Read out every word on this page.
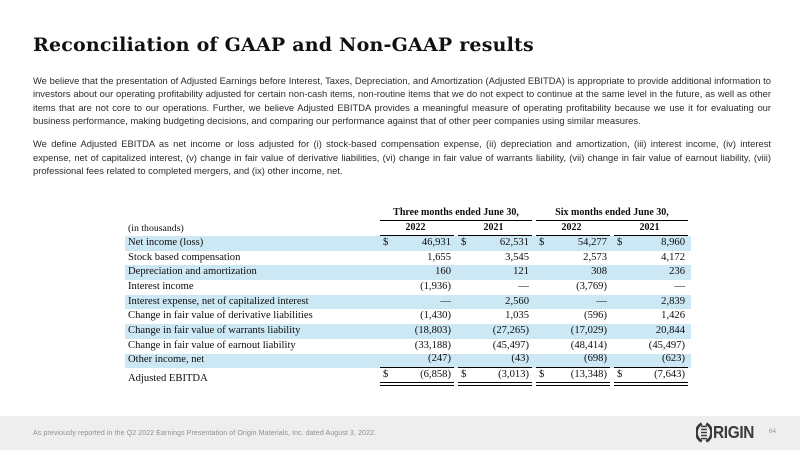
Reconciliation of GAAP and Non-GAAP results

We believe that the presentation of Adjusted Earnings before Interest, Taxes, Depreciation, and Amortization (Adjusted EBITDA) is appropriate to provide additional information to investors about our operating profitability adjusted for certain non-cash items, non-routine items that we do not expect to continue at the same level in the future, as well as other items that are not core to our operations. Further, we believe Adjusted EBITDA provides a meaningful measure of operating profitability because we use it for evaluating our business performance, making budgeting decisions, and comparing our performance against that of other peer companies using similar measures.

We define Adjusted EBITDA as net income or loss adjusted for (i) stock-based compensation expense, (ii) depreciation and amortization, (iii) interest income, (iv) interest expense, net of capitalized interest, (v) change in fair value of derivative liabilities, (vi) change in fair value of warrants liability, (vii) change in fair value of earnout liability, (viii) professional fees related to completed mergers, and (ix) other income, net.

Three months ended June 30,	Six months ended June 30,
(in thousands)	2022	2021	2022	2021
Net income (loss)	$	46,931 $	62,531 $	54,277 $	8,960
Stock based compensation	1,655	3,545	2,573	4,172
Depreciation and amortization	160	121	308	236
Interest income	(1,936)	—	(3,769)	—
Interest expense, net of capitalized interest	—	2,560	—	2,839
Change in fair value of derivative liabilities	(1,430)	1,035	(596)	1,426
Change in fair value of warrants liability	(18,803)	(27,265)	(17,029)	20,844
Change in fair value of earnout liability	(33,188)	(45,497)	(48,414)	(45,497)
Other income, net	(247)	(43)	(698)	(623)
Adjusted EBITDA	$	(6,858) $	(3,013) $	(13,348) $	(7,643)
As previously reported in the Q2 2022 Earnings Presentation of Origin Materials, Inc. dated August 3, 2022.	RIGIN 64
